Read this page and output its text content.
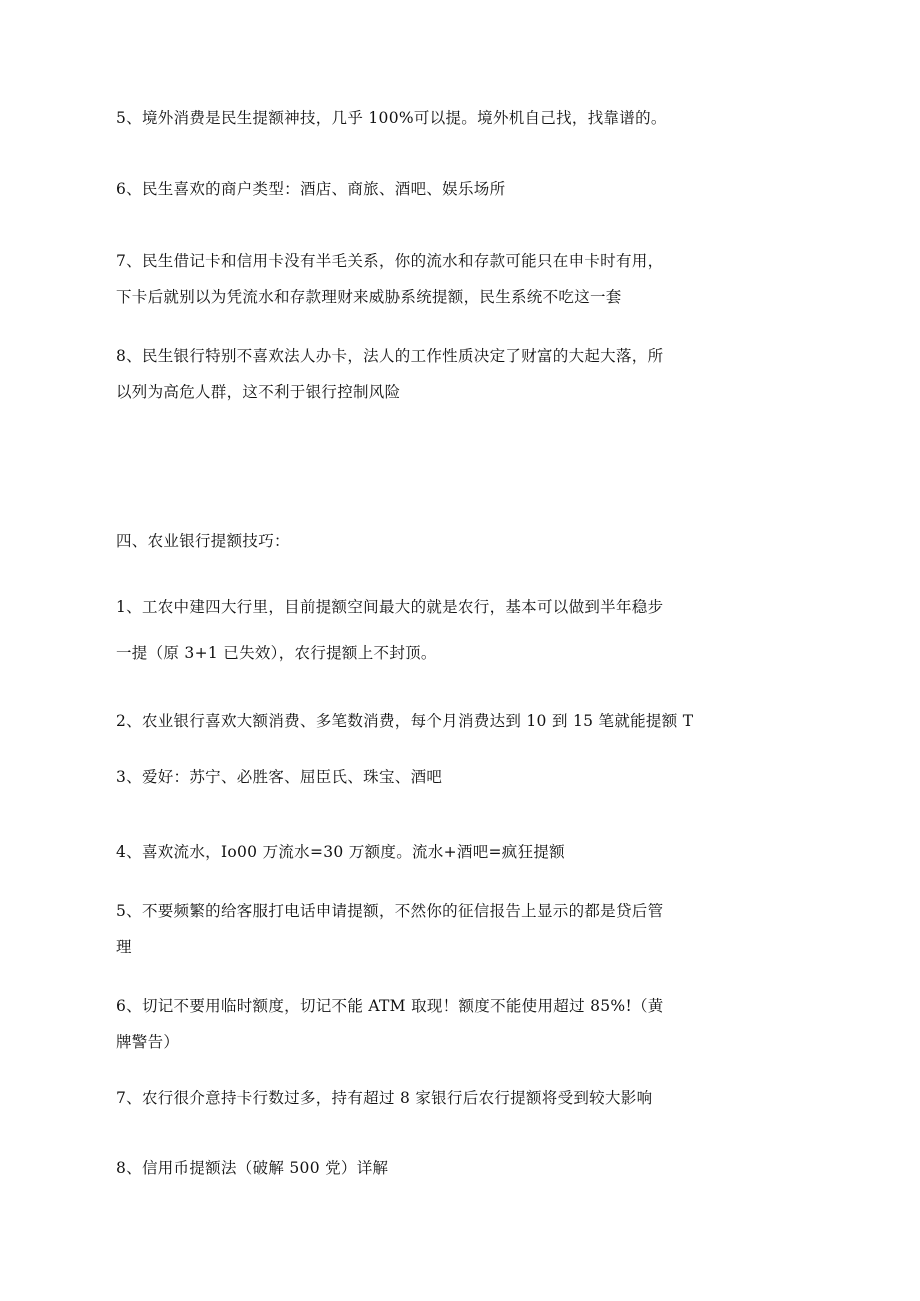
5、境外消费是民生提额神技，几乎 100%可以提。境外机自己找，找靠谱的。
6、民生喜欢的商户类型：酒店、商旅、酒吧、娱乐场所
7、民生借记卡和信用卡没有半毛关系，你的流水和存款可能只在申卡时有用，
下卡后就别以为凭流水和存款理财来威胁系统提额，民生系统不吃这一套
8、民生银行特别不喜欢法人办卡，法人的工作性质决定了财富的大起大落，所
以列为高危人群，这不利于银行控制风险
四、农业银行提额技巧：
1、工农中建四大行里，目前提额空间最大的就是农行，基本可以做到半年稳步
一提（原 3+1 已失效），农行提额上不封顶。
2、农业银行喜欢大额消费、多笔数消费，每个月消费达到 10 到 15 笔就能提额 T
3、爱好：苏宁、必胜客、屈臣氏、珠宝、酒吧
4、喜欢流水，Io00 万流水=30 万额度。流水+酒吧=疯狂提额
5、不要频繁的给客服打电话申请提额，不然你的征信报告上显示的都是贷后管
理
6、切记不要用临时额度，切记不能 ATM 取现！额度不能使用超过 85%!（黄
牌警告）
7、农行很介意持卡行数过多，持有超过 8 家银行后农行提额将受到较大影响
8、信用币提额法（破解 500 党）详解
